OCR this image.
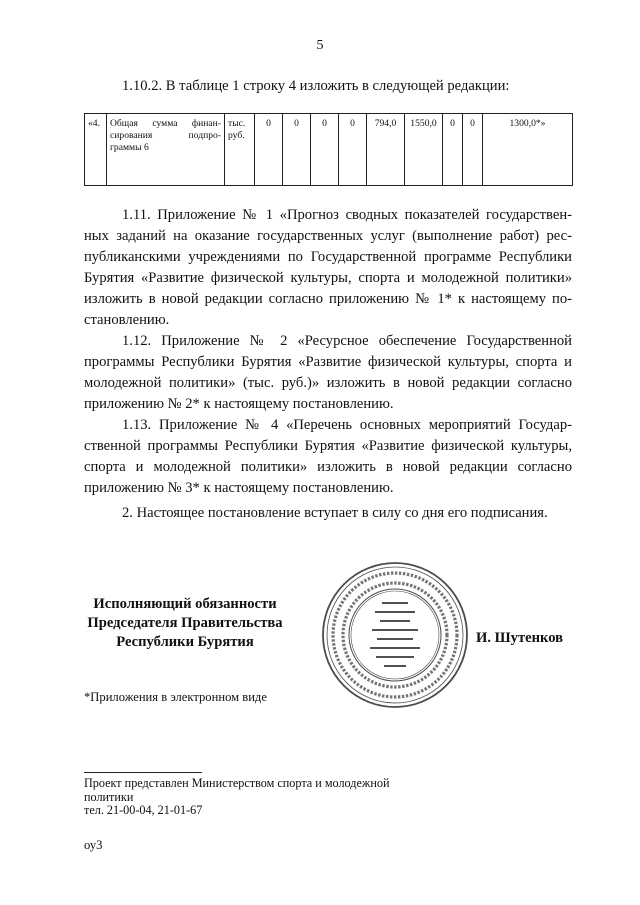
5
1.10.2. В таблице 1 строку 4 изложить в следующей редакции:
«4.	Общая сумма финан-
сирования подпро-
граммы 6

тыс.
руб.
	0	0	0	0	794,0	1550,0	0	0	1300,0*»
1.11. Приложение № 1 «Прогноз сводных показателей государствен-
ных заданий на оказание государственных услуг (выполнение работ) рес-
публиканскими учреждениями по Государственной программе Республики
Бурятия «Развитие физической культуры, спорта и молодежной политики»
изложить в новой редакции согласно приложению № 1* к настоящему по-
становлению.
1.12. Приложение № 2 «Ресурсное обеспечение Государственной
программы Республики Бурятия «Развитие физической культуры, спорта и
молодежной политики» (тыс. руб.)» изложить в новой редакции согласно
приложению № 2* к настоящему постановлению.
1.13. Приложение № 4 «Перечень основных мероприятий Государ-
ственной программы Республики Бурятия «Развитие физической культуры,
спорта и молодежной политики» изложить в новой редакции согласно
приложению № 3* к настоящему постановлению.
2. Настоящее постановление вступает в силу со дня его подписания.
Исполняющий обязанности
Председателя Правительства
Республики Бурятия	И. Шутенков
*Приложения в электронном виде
Проект представлен Министерством спорта и молодежной
политики
тел. 21-00-04, 21-01-67
оу3
